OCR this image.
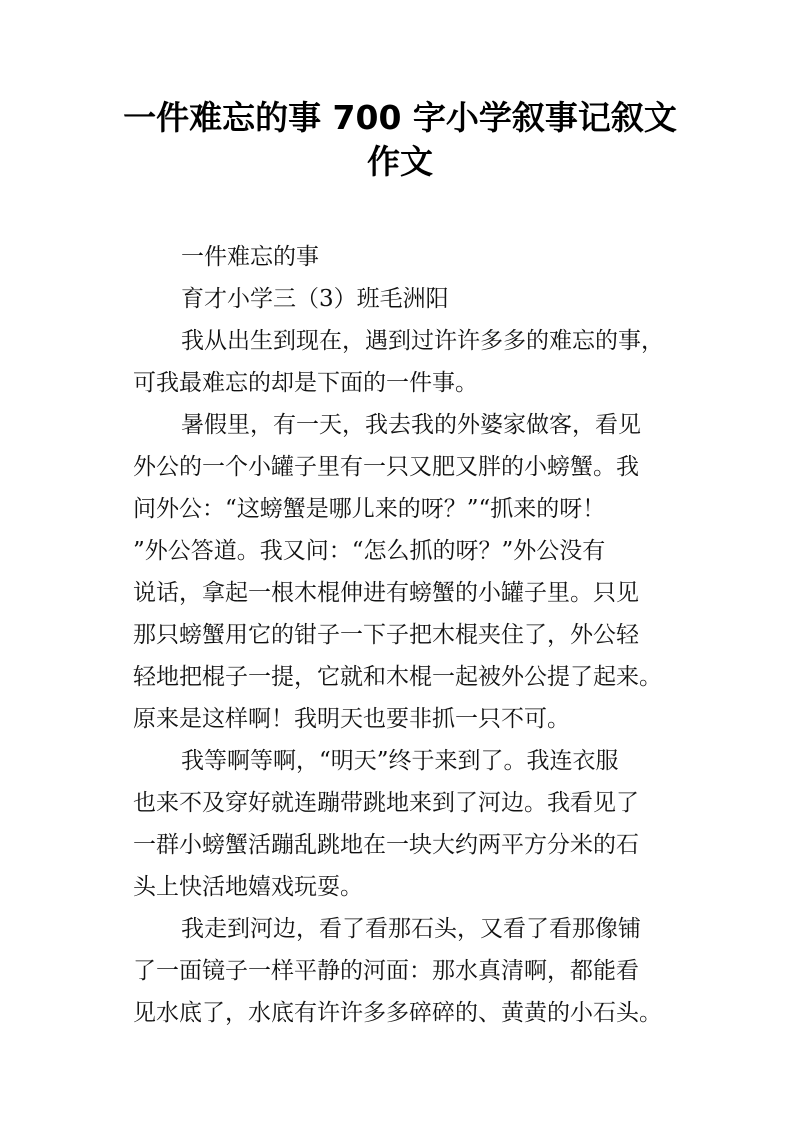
一件难忘的事 700 字小学叙事记叙文
作文
一件难忘的事
育才小学三（3）班毛洲阳
我从出生到现在，遇到过许许多多的难忘的事，
可我最难忘的却是下面的一件事。
暑假里，有一天，我去我的外婆家做客，看见
外公的一个小罐子里有一只又肥又胖的小螃蟹。我
问外公：“这螃蟹是哪儿来的呀？”“抓来的呀！
”外公答道。我又问：“怎么抓的呀？”外公没有
说话，拿起一根木棍伸进有螃蟹的小罐子里。只见
那只螃蟹用它的钳子一下子把木棍夹住了，外公轻
轻地把棍子一提，它就和木棍一起被外公提了起来。
原来是这样啊！我明天也要非抓一只不可。
我等啊等啊，“明天”终于来到了。我连衣服
也来不及穿好就连蹦带跳地来到了河边。我看见了
一群小螃蟹活蹦乱跳地在一块大约两平方分米的石
头上快活地嬉戏玩耍。
我走到河边，看了看那石头，又看了看那像铺
了一面镜子一样平静的河面：那水真清啊，都能看
见水底了，水底有许许多多碎碎的、黄黄的小石头。
